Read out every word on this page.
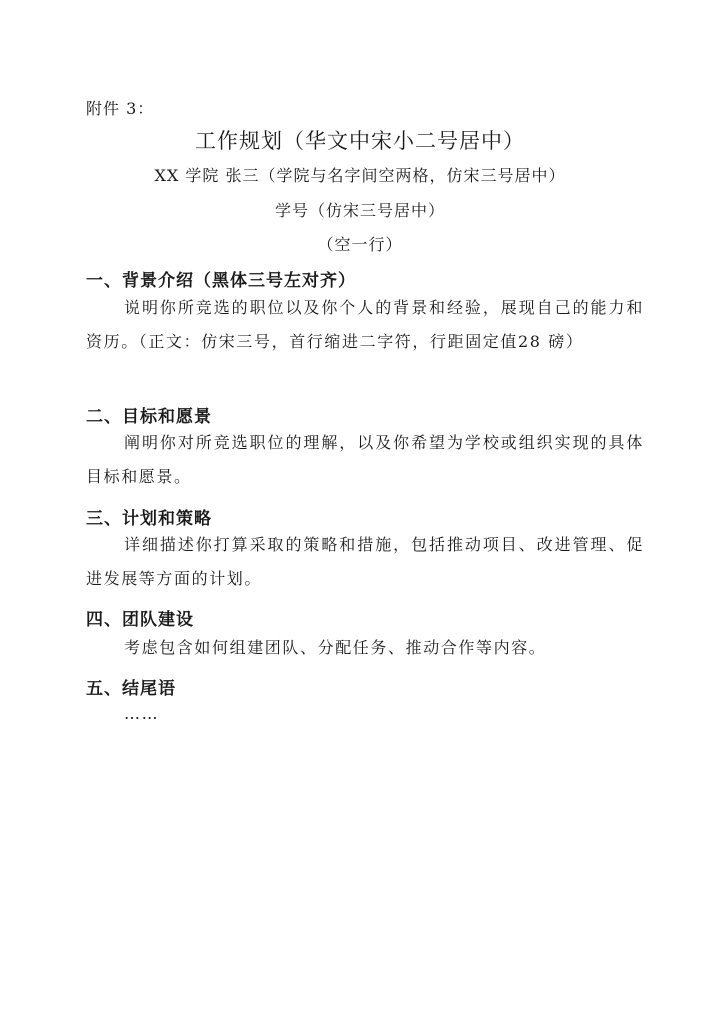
附件 3：
工作规划（华文中宋小二号居中）
XX 学院 张三（学院与名字间空两格，仿宋三号居中）
学号（仿宋三号居中）
（空一行）
一、背景介绍（黑体三号左对齐）
说明你所竞选的职位以及你个人的背景和经验，展现自己的能力和资历。（正文：仿宋三号，首行缩进二字符，行距固定值28 磅）
二、目标和愿景
阐明你对所竞选职位的理解，以及你希望为学校或组织实现的具体目标和愿景。
三、计划和策略
详细描述你打算采取的策略和措施，包括推动项目、改进管理、促进发展等方面的计划。
四、团队建设
考虑包含如何组建团队、分配任务、推动合作等内容。
五、结尾语
……
